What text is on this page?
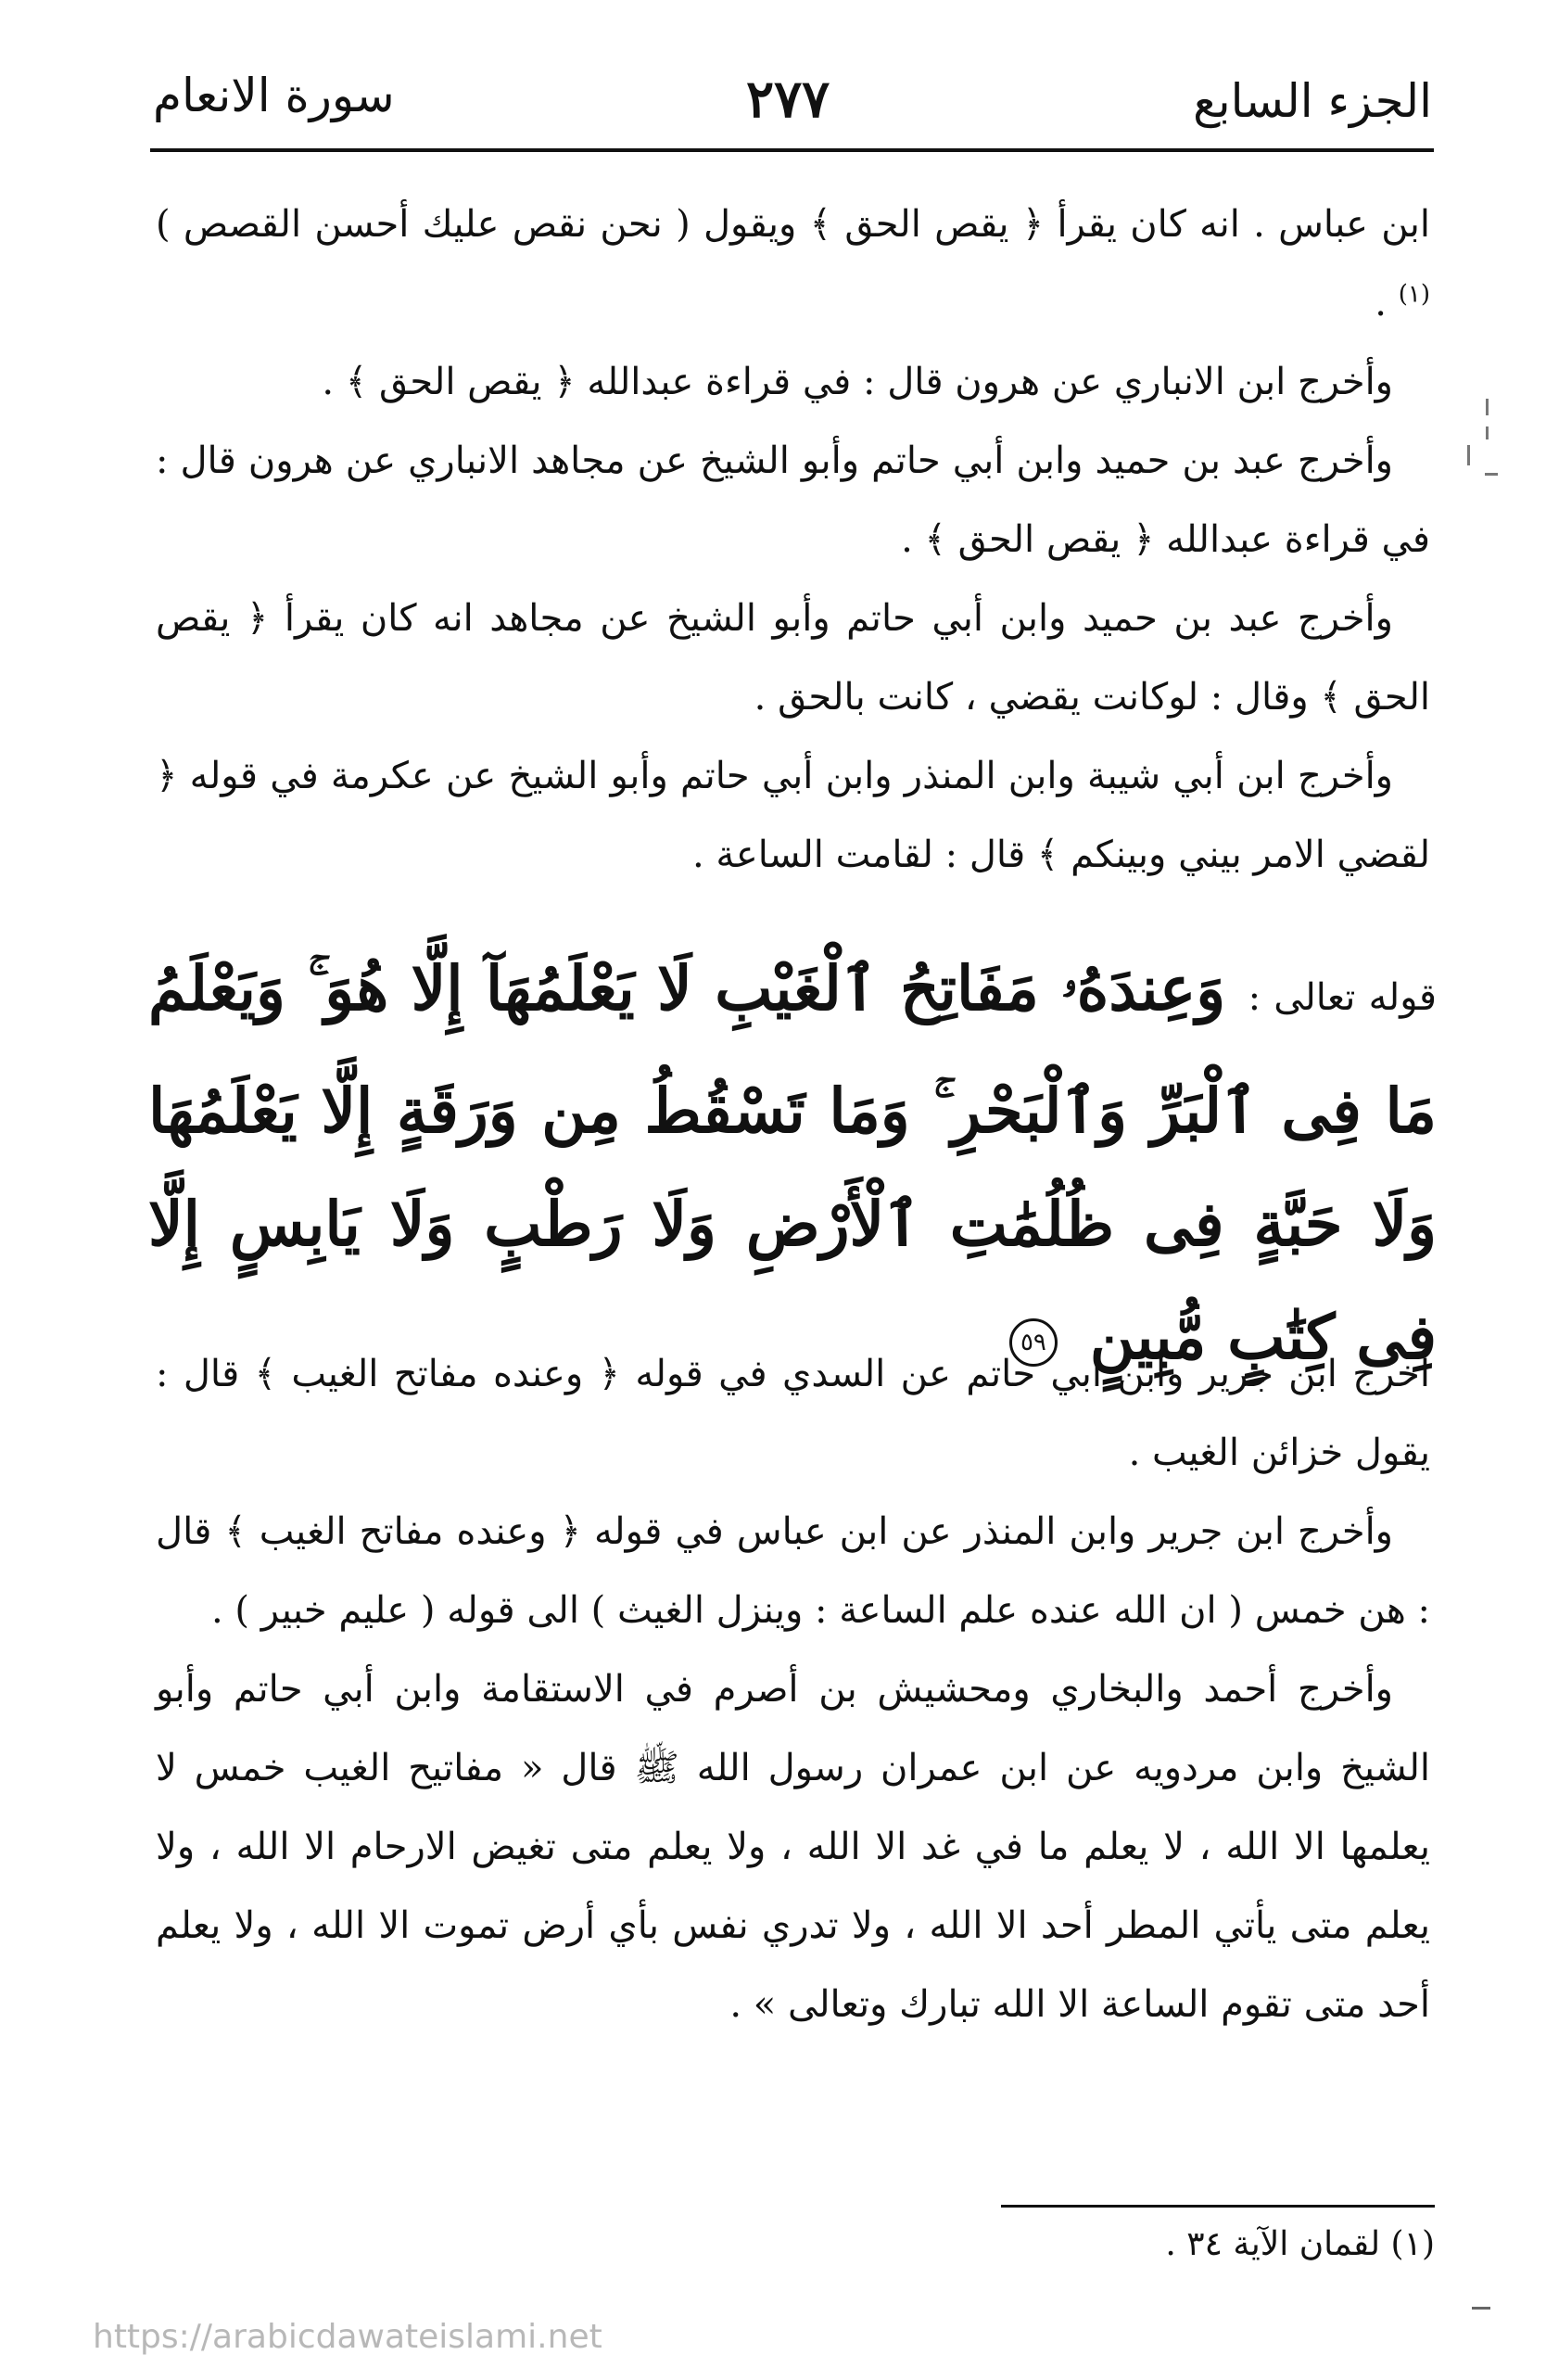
الجزء السابع
٢٧٧
سورة الانعام

ابن عباس . انه كان يقرأ ﴿ يقص الحق ﴾ ويقول ( نحن نقص عليك أحسن القصص )$^{(١)}$ .

وأخرج ابن الانباري عن هرون قال : في قراءة عبدالله ﴿ يقص الحق ﴾ .

وأخرج عبد بن حميد وابن أبي حاتم وأبو الشيخ عن مجاهد الانباري عن هرون قال : في قراءة عبدالله ﴿ يقص الحق ﴾ .

وأخرج عبد بن حميد وابن أبي حاتم وأبو الشيخ عن مجاهد انه كان يقرأ ﴿ يقص الحق ﴾ وقال : لوكانت يقضي ، كانت بالحق .

وأخرج ابن أبي شيبة وابن المنذر وابن أبي حاتم وأبو الشيخ عن عكرمة في قوله ﴿ لقضي الامر بيني وبينكم ﴾ قال : لقامت الساعة .

قوله تعالى : وَعِندَهُۥ مَفَاتِحُ ٱلْغَيْبِ لَا يَعْلَمُهَآ إِلَّا هُوَ ۚ وَيَعْلَمُ مَا فِى ٱلْبَرِّ وَٱلْبَحْرِ ۚ وَمَا تَسْقُطُ مِن وَرَقَةٍ إِلَّا يَعْلَمُهَا وَلَا حَبَّةٍ فِى ظُلُمَٰتِ ٱلْأَرْضِ وَلَا رَطْبٍ وَلَا يَابِسٍ إِلَّا فِى كِتَٰبٍ مُّبِينٍ ٥٩

أخرج ابن جرير وابن أبي حاتم عن السدي في قوله ﴿ وعنده مفاتح الغيب ﴾ قال : يقول خزائن الغيب .

وأخرج ابن جرير وابن المنذر عن ابن عباس في قوله ﴿ وعنده مفاتح الغيب ﴾ قال : هن خمس ( ان الله عنده علم الساعة : وينزل الغيث ) الى قوله ( عليم خبير ) .

وأخرج أحمد والبخاري ومحشيش بن أصرم في الاستقامة وابن أبي حاتم وأبو الشيخ وابن مردويه عن ابن عمران رسول الله ﷺ قال « مفاتيح الغيب خمس لا يعلمها الا الله ، لا يعلم ما في غد الا الله ، ولا يعلم متى تغيض الارحام الا الله ، ولا يعلم متى يأتي المطر أحد الا الله ، ولا تدري نفس بأي أرض تموت الا الله ، ولا يعلم أحد متى تقوم الساعة الا الله تبارك وتعالى » .

(١) لقمان الآية ٣٤ .
https://arabicdawateislami.net
